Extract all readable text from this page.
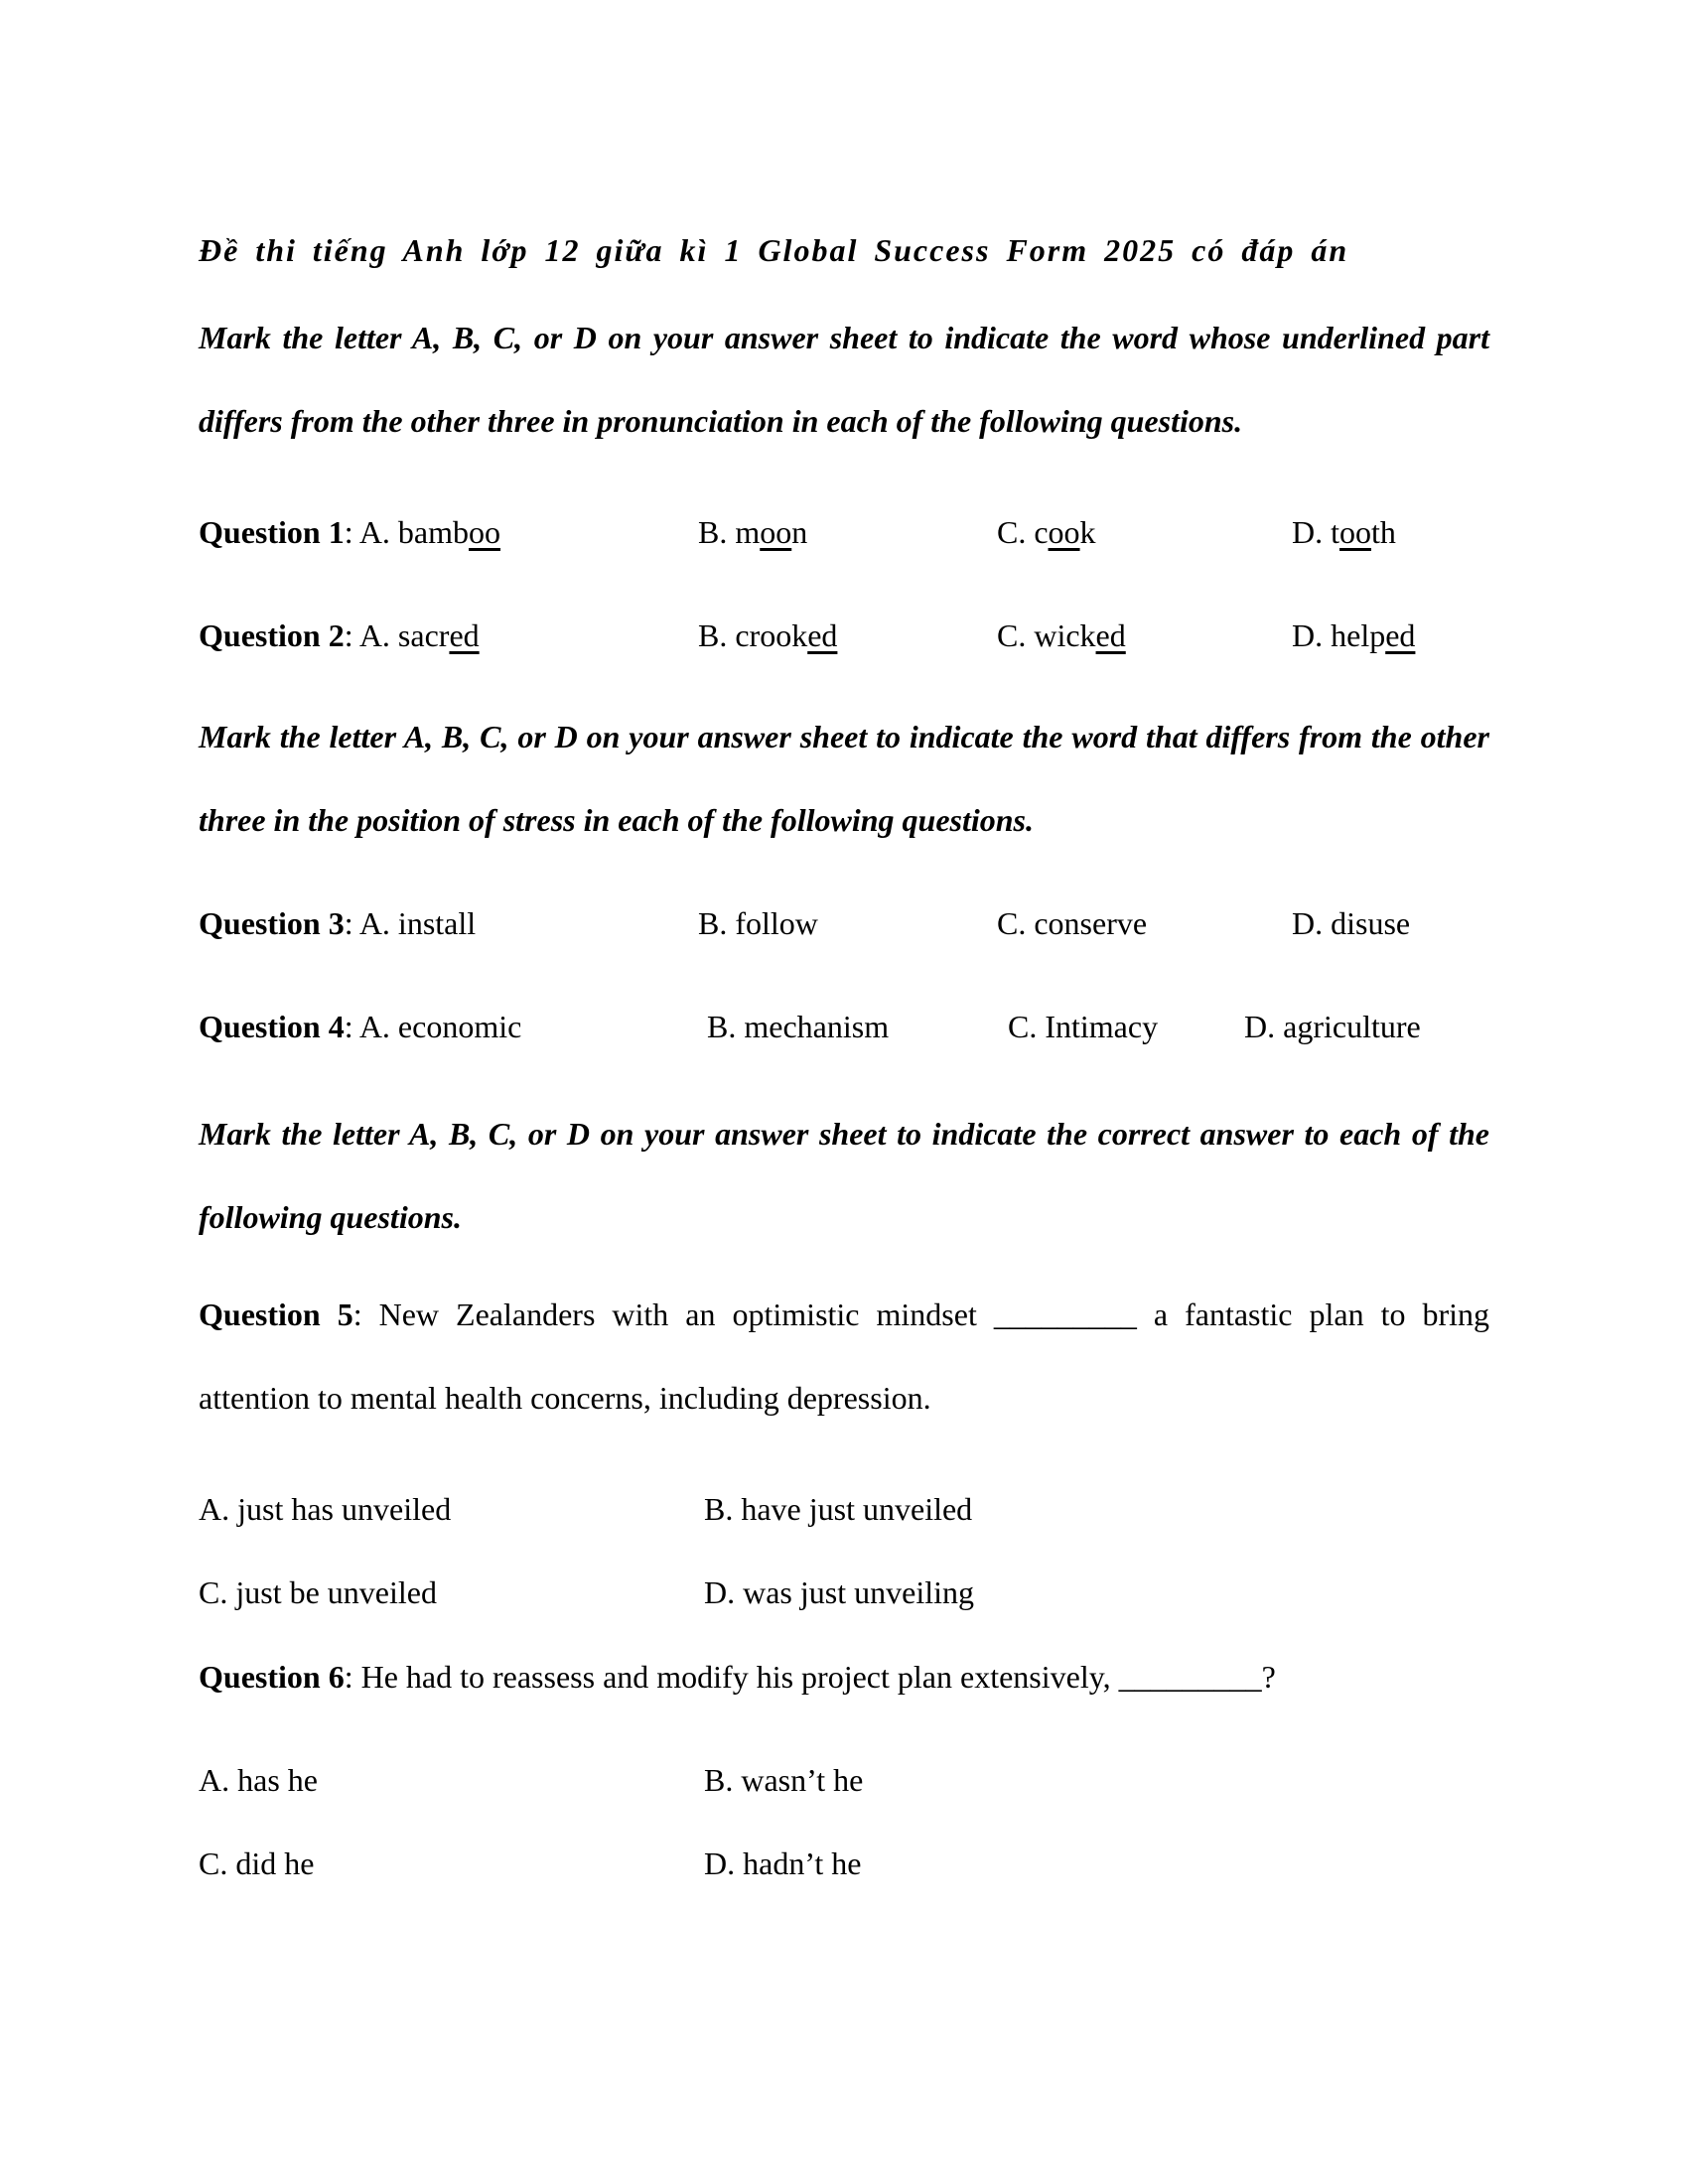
Đề thi tiếng Anh lớp 12 giữa kì 1 Global Success Form 2025 có đáp án

Mark the letter A, B, C, or D on your answer sheet to indicate the word whose underlined part differs from the other three in pronunciation in each of the following questions.

Question 1: A. bamboo	B. moon	C. cook	D. tooth
Question 2: A. sacred	B. crooked	C. wicked	D. helped

Mark the letter A, B, C, or D on your answer sheet to indicate the word that differs from the other three in the position of stress in each of the following questions.

Question 3: A. install	B. follow	C. conserve	D. disuse
Question 4: A. economic	B. mechanism	C. Intimacy	D. agriculture

Mark the letter A, B, C, or D on your answer sheet to indicate the correct answer to each of the following questions.

Question 5: New Zealanders with an optimistic mindset _________ a fantastic plan to bring attention to mental health concerns, including depression.

A. just has unveiled	B. have just unveiled
C. just be unveiled	D. was just unveiling

Question 6: He had to reassess and modify his project plan extensively, _________?

A. has he	B. wasn’t he
C. did he	D. hadn’t he
